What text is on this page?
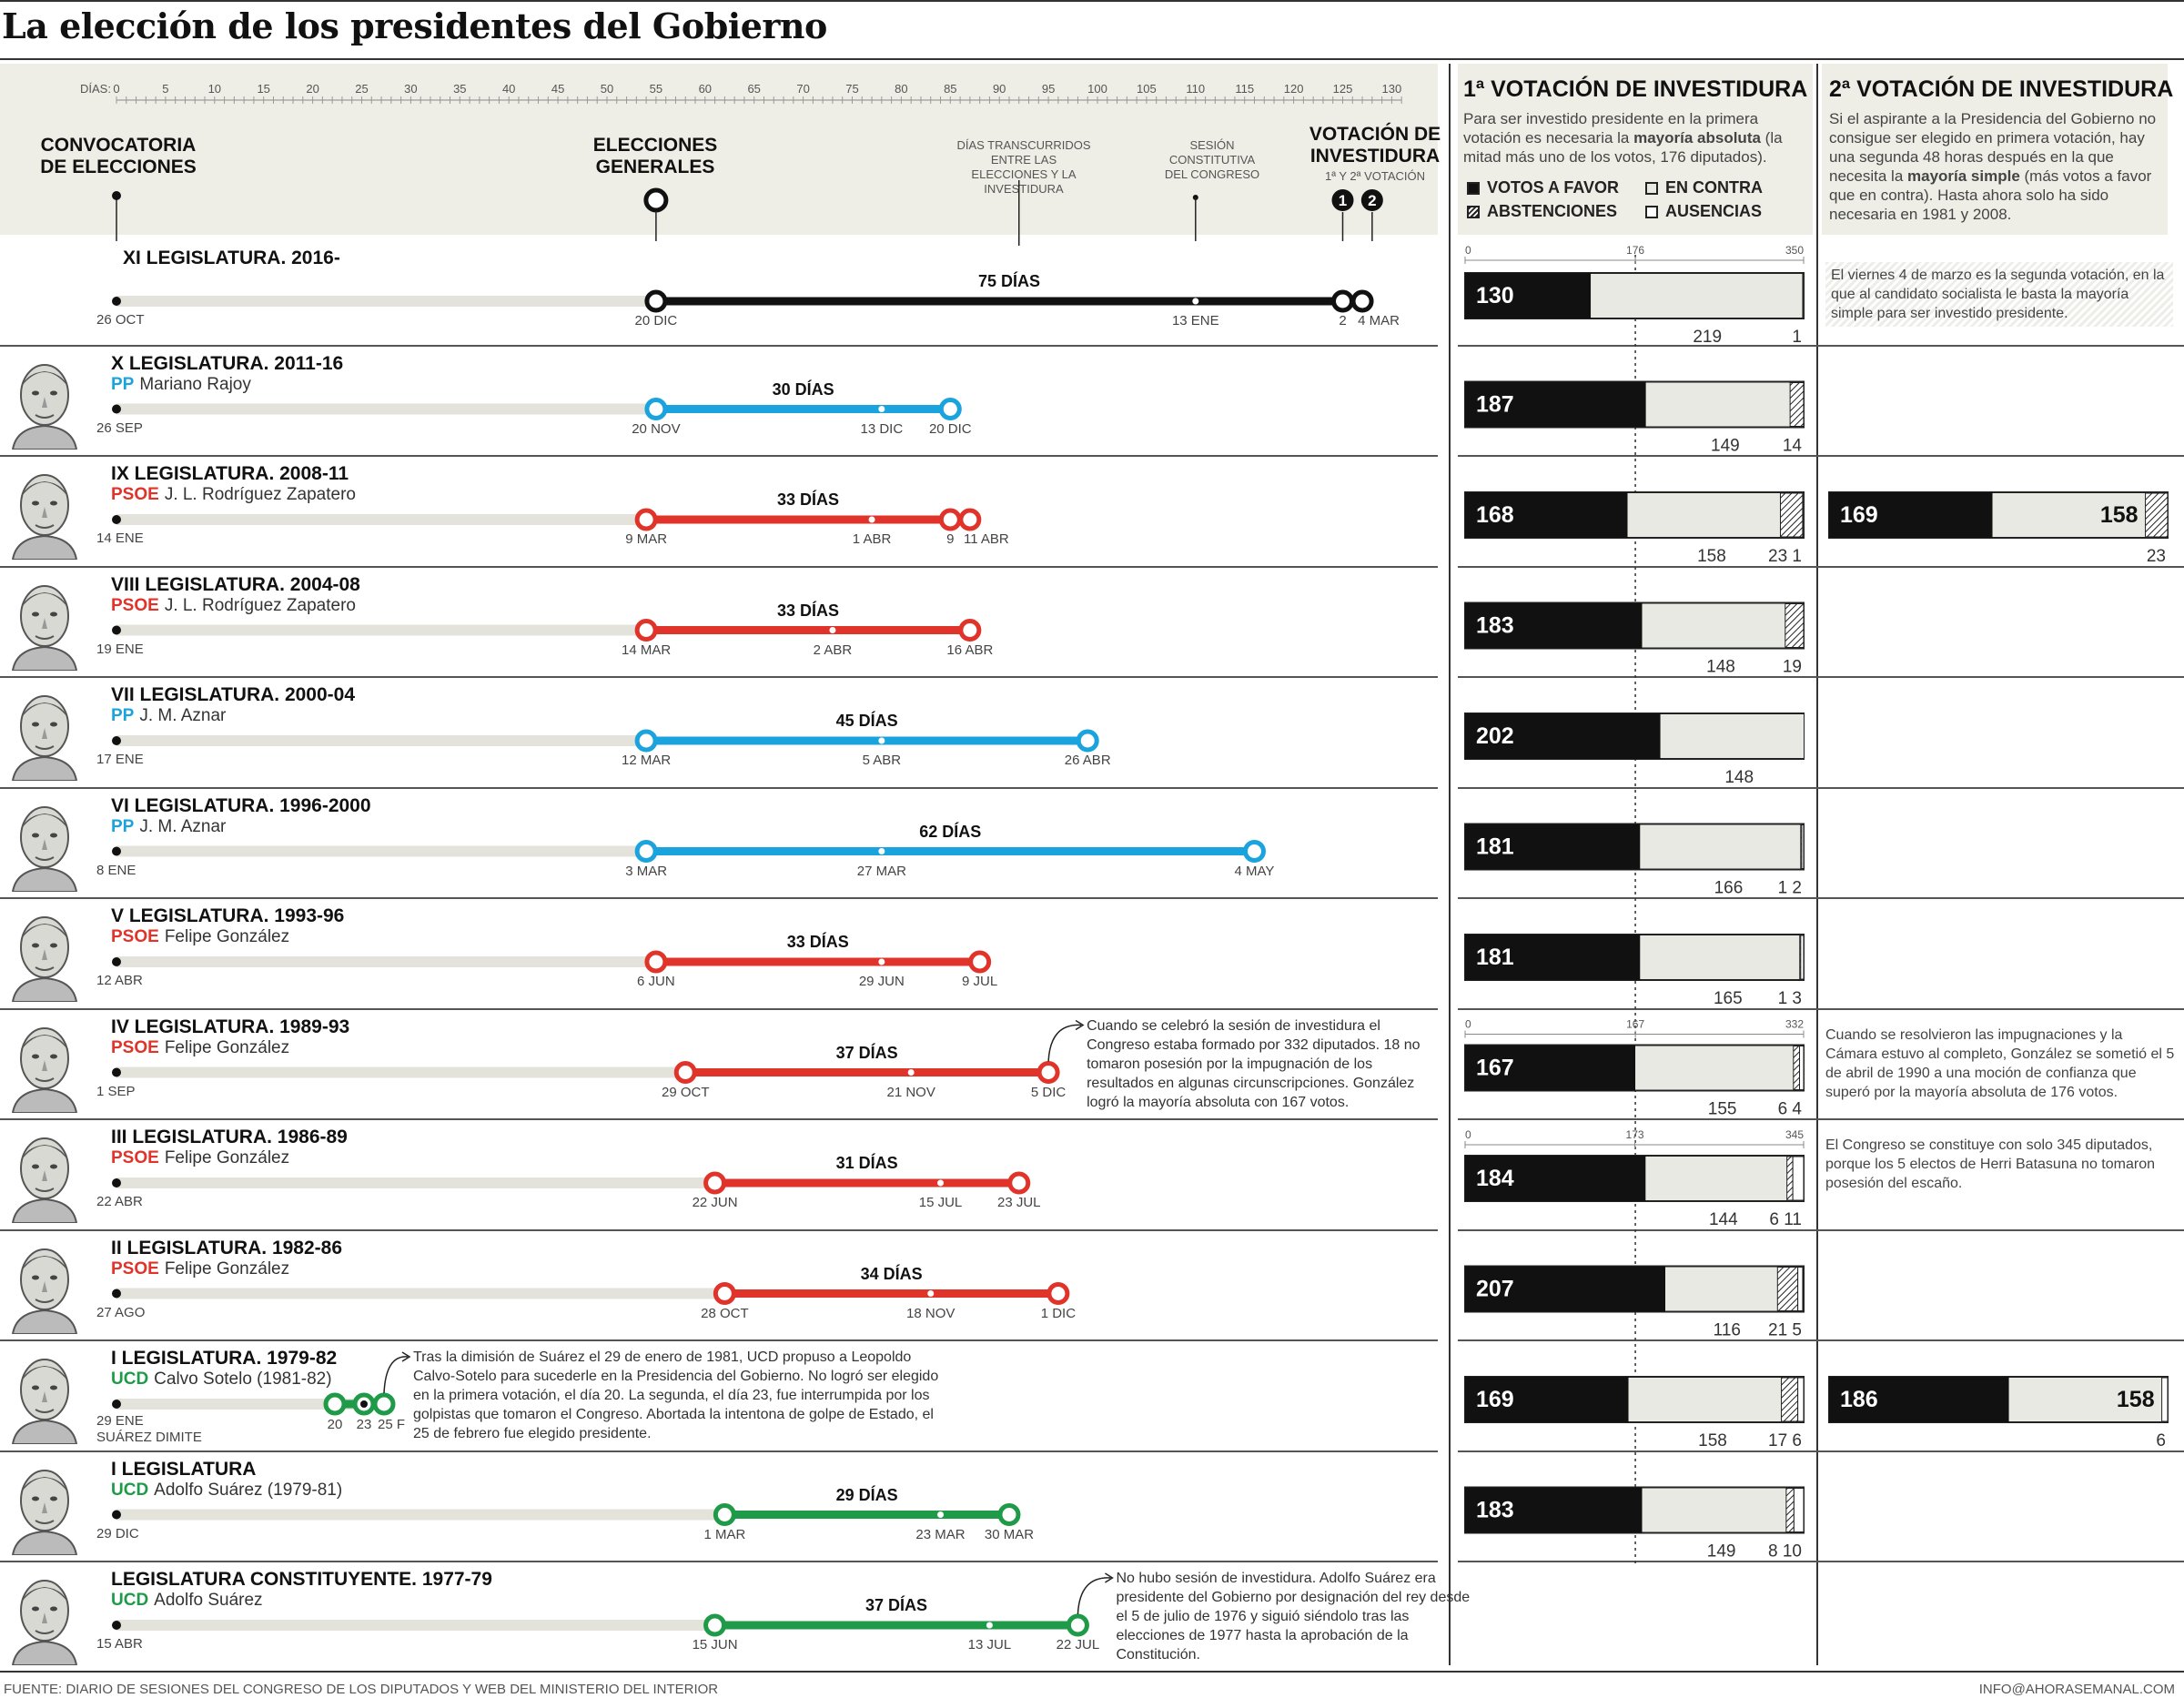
La elección de los presidentes del Gobierno
DÍAS: 0	5	10	15	20	25	30	35	40	45	50	55	60	65	70	75	80	85	90	95	100 105	110	115	120 125 130
CONVOCATORIA DE ELECCIONES
ELECCIONES GENERALES
DÍAS TRANSCURRIDOS ENTRE LAS ELECCIONES Y LA INVESTIDURA
SESIÓN CONSTITUTIVA DEL CONGRESO
VOTACIÓN DE INVESTIDURA
1ª Y 2ª VOTACIÓN
1 2
1ª VOTACIÓN DE INVESTIDURA
Para ser investido presidente en la primera votación es necesaria la mayoría absoluta (la mitad más uno de los votos, 176 diputados).
VOTOS A FAVOR	EN CONTRA
ABSTENCIONES	AUSENCIAS
2ª VOTACIÓN DE INVESTIDURA
Si el aspirante a la Presidencia del Gobierno no consigue ser elegido en primera votación, hay una segunda 48 horas después en la que necesita la mayoría simple (más votos a favor que en contra). Hasta ahora solo ha sido necesaria en 1981 y 2008.
XI LEGISLATURA. 2016-
26 OCT	20 DIC	13 ENE	2 4 MAR
75 DÍAS	El viernes 4 de marzo es la segunda votación, en la que al candidato socialista le basta la mayoría simple para ser investido presidente.
X LEGISLATURA. 2011-16
PP Mariano Rajoy
26 SEP	20 NOV	13 DIC 20 DIC
30 DÍAS
IX LEGISLATURA. 2008-11
PSOE J. L. Rodríguez Zapatero
14 ENE	9 MAR	1 ABR	9 11 ABR
33 DÍAS
VIII LEGISLATURA. 2004-08
PSOE J. L. Rodríguez Zapatero
19 ENE	14 MAR	2 ABR	16 ABR
33 DÍAS
VII LEGISLATURA. 2000-04
PP J. M. Aznar
17 ENE	12 MAR	5 ABR	26 ABR
45 DÍAS
VI LEGISLATURA. 1996-2000
PP J. M. Aznar
8 ENE	3 MAR	27 MAR	4 MAY
62 DÍAS
V LEGISLATURA. 1993-96
PSOE Felipe González
12 ABR	6 JUN	29 JUN	9 JUL
33 DÍAS
IV LEGISLATURA. 1989-93
PSOE Felipe González
1 SEP	29 OCT	21 NOV	5 DIC
37 DÍAS
Cuando se celebró la sesión de investidura el Congreso estaba formado por 332 diputados. 18 no tomaron posesión por la impugnación de los resultados en algunas circunscripciones. González logró la mayoría absoluta con 167 votos.
Cuando se resolvieron las impugnaciones y la Cámara estuvo al completo, González se sometió el 5 de abril de 1990 a una moción de confianza que superó por la mayoría absoluta de 176 votos.
III LEGISLATURA. 1986-89
PSOE Felipe González
22 ABR	22 JUN	15 JUL	23 JUL
31 DÍAS
El Congreso se constituye con solo 345 diputados, porque los 5 electos de Herri Batasuna no tomaron posesión del escaño.
II LEGISLATURA. 1982-86
PSOE Felipe González
27 AGO	28 OCT	18 NOV	1 DIC
34 DÍAS
I LEGISLATURA. 1979-82
UCD Calvo Sotelo (1981-82)
29 ENE
SUÁREZ DIMITE
20 23 25 F
Tras la dimisión de Suárez el 29 de enero de 1981, UCD propuso a Leopoldo Calvo-Sotelo para sucederle en la Presidencia del Gobierno. No logró ser elegido en la primera votación, el día 20. La segunda, el día 23, fue interrumpida por los golpistas que tomaron el Congreso. Abortada la intentona de golpe de Estado, el 25 de febrero fue elegido presidente.
I LEGISLATURA
UCD Adolfo Suárez (1979-81)
29 DIC	1 MAR	23 MAR 30 MAR
29 DÍAS
LEGISLATURA CONSTITUYENTE. 1977-79
UCD Adolfo Suárez
15 ABR	15 JUN	13 JUL	22 JUL
37 DÍAS
No hubo sesión de investidura. Adolfo Suárez era presidente del Gobierno por designación del rey desde el 5 de julio de 1976 y siguió siéndolo tras las elecciones de 1977 hasta la aprobación de la Constitución.
0	176	350
130
219	1
187
149 14
168
158 23 1
169	158
23
183
148	19
202
148
181
166 1 2
181
165 1 3
0	167	332
167
155 6 4
0	173	345
184
144 6 11
207
116 21 5
169
158 17 6
186	158
6
183
149 8 10
FUENTE: DIARIO DE SESIONES DEL CONGRESO DE LOS DIPUTADOS Y WEB DEL MINISTERIO DEL INTERIOR	INFO@AHORASEMANAL.COM
